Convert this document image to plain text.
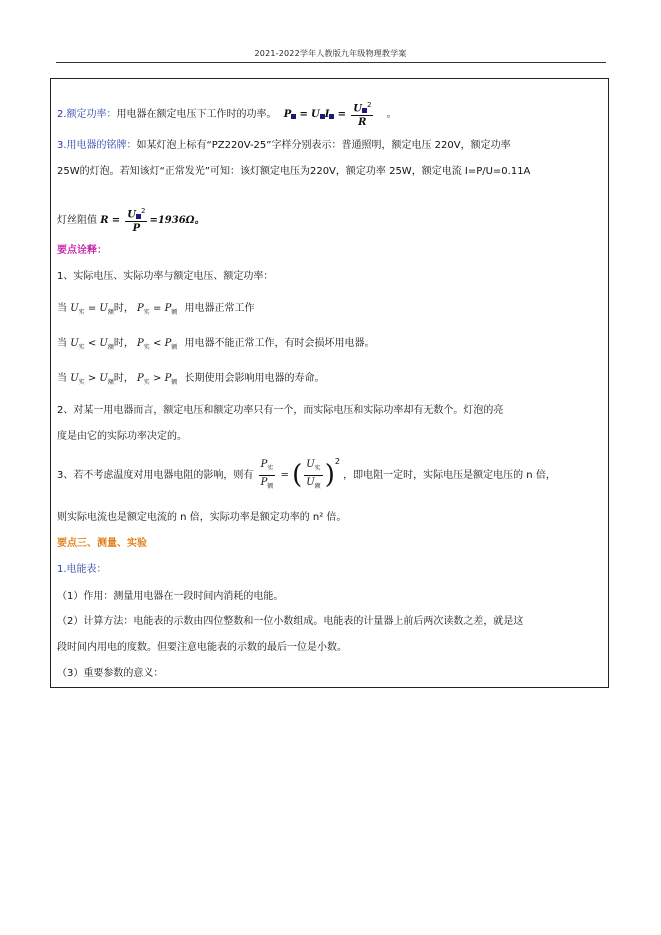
2021-2022学年人教版九年级物理教学案
2.额定功率：用电器在额定电压下工作时的功率。 P = U $I = \frac{U ^2}{R}$ 。
3.用电器的铭牌：如某灯泡上标有“PZ220V-25”字样分别表示：普通照明，额定电压 220V，额定功率
25W的灯泡。若知该灯“正常发光”可知：该灯额定电压为220V，额定功率 25W，额定电流 I=P/U=0.11A
灯丝阻值 $R = \frac{U ^2}{P} =1936\Omega$。
要点诠释：
1、实际电压、实际功率与额定电压、额定功率：
当 $U_实 = U_额$时， $P_实 = P_额$ 用电器正常工作
当 $U_实 < U_额$时， $P_实 < P_额$ 用电器不能正常工作，有时会损坏用电器。
当 $U_实 > U_额$时， $P_实 > P_额$ 长期使用会影响用电器的寿命。
2、对某一用电器而言，额定电压和额定功率只有一个，而实际电压和实际功率却有无数个。灯泡的亮
度是由它的实际功率决定的。
3、若不考虑温度对用电器电阻的影响，则有 $\frac{P_实}{P_额}$ = ( $\frac{U_实}{U_额} )^2$ ，即电阻一定时，实际电压是额定电压的 n 倍，
则实际电流也是额定电流的 n 倍，实际功率是额定功率的 n² 倍。
要点三、测量、实验
1.电能表：
（1）作用：测量用电器在一段时间内消耗的电能。
（2）计算方法：电能表的示数由四位整数和一位小数组成。电能表的计量器上前后两次读数之差，就是这
段时间内用电的度数。但要注意电能表的示数的最后一位是小数。
（3）重要参数的意义：
